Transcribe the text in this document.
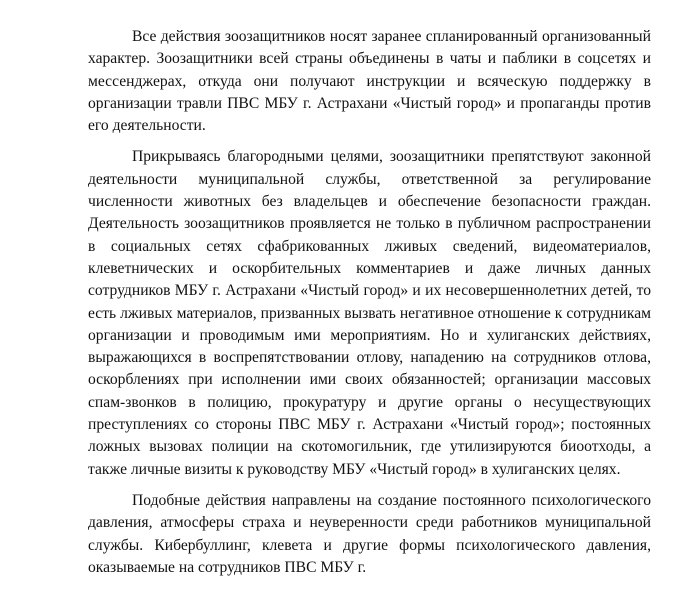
Все действия зоозащитников носят заранее спланированный организованный характер. Зоозащитники всей страны объединены в чаты и паблики в соцсетях и мессенджерах, откуда они получают инструкции и всяческую поддержку в организации травли ПВС МБУ г. Астрахани «Чистый город» и пропаганды против его деятельности.

Прикрываясь благородными целями, зоозащитники препятствуют законной деятельности муниципальной службы, ответственной за регулирование численности животных без владельцев и обеспечение безопасности граждан. Деятельность зоозащитников проявляется не только в публичном распространении в социальных сетях сфабрикованных лживых сведений, видеоматериалов, клеветнических и оскорбительных комментариев и даже личных данных сотрудников МБУ г. Астрахани «Чистый город» и их несовершеннолетних детей, то есть лживых материалов, призванных вызвать негативное отношение к сотрудникам организации и проводимым ими мероприятиям. Но и хулиганских действиях, выражающихся в воспрепятствовании отлову, нападению на сотрудников отлова, оскорблениях при исполнении ими своих обязанностей; организации массовых спам-звонков в полицию, прокуратуру и другие органы о несуществующих преступлениях со стороны ПВС МБУ г. Астрахани «Чистый город»; постоянных ложных вызовах полиции на скотомогильник, где утилизируются биоотходы, а также личные визиты к руководству МБУ «Чистый город» в хулиганских целях.

Подобные действия направлены на создание постоянного психологического давления, атмосферы страха и неуверенности среди работников муниципальной службы. Кибербуллинг, клевета и другие формы психологического давления, оказываемые на сотрудников ПВС МБУ г.
